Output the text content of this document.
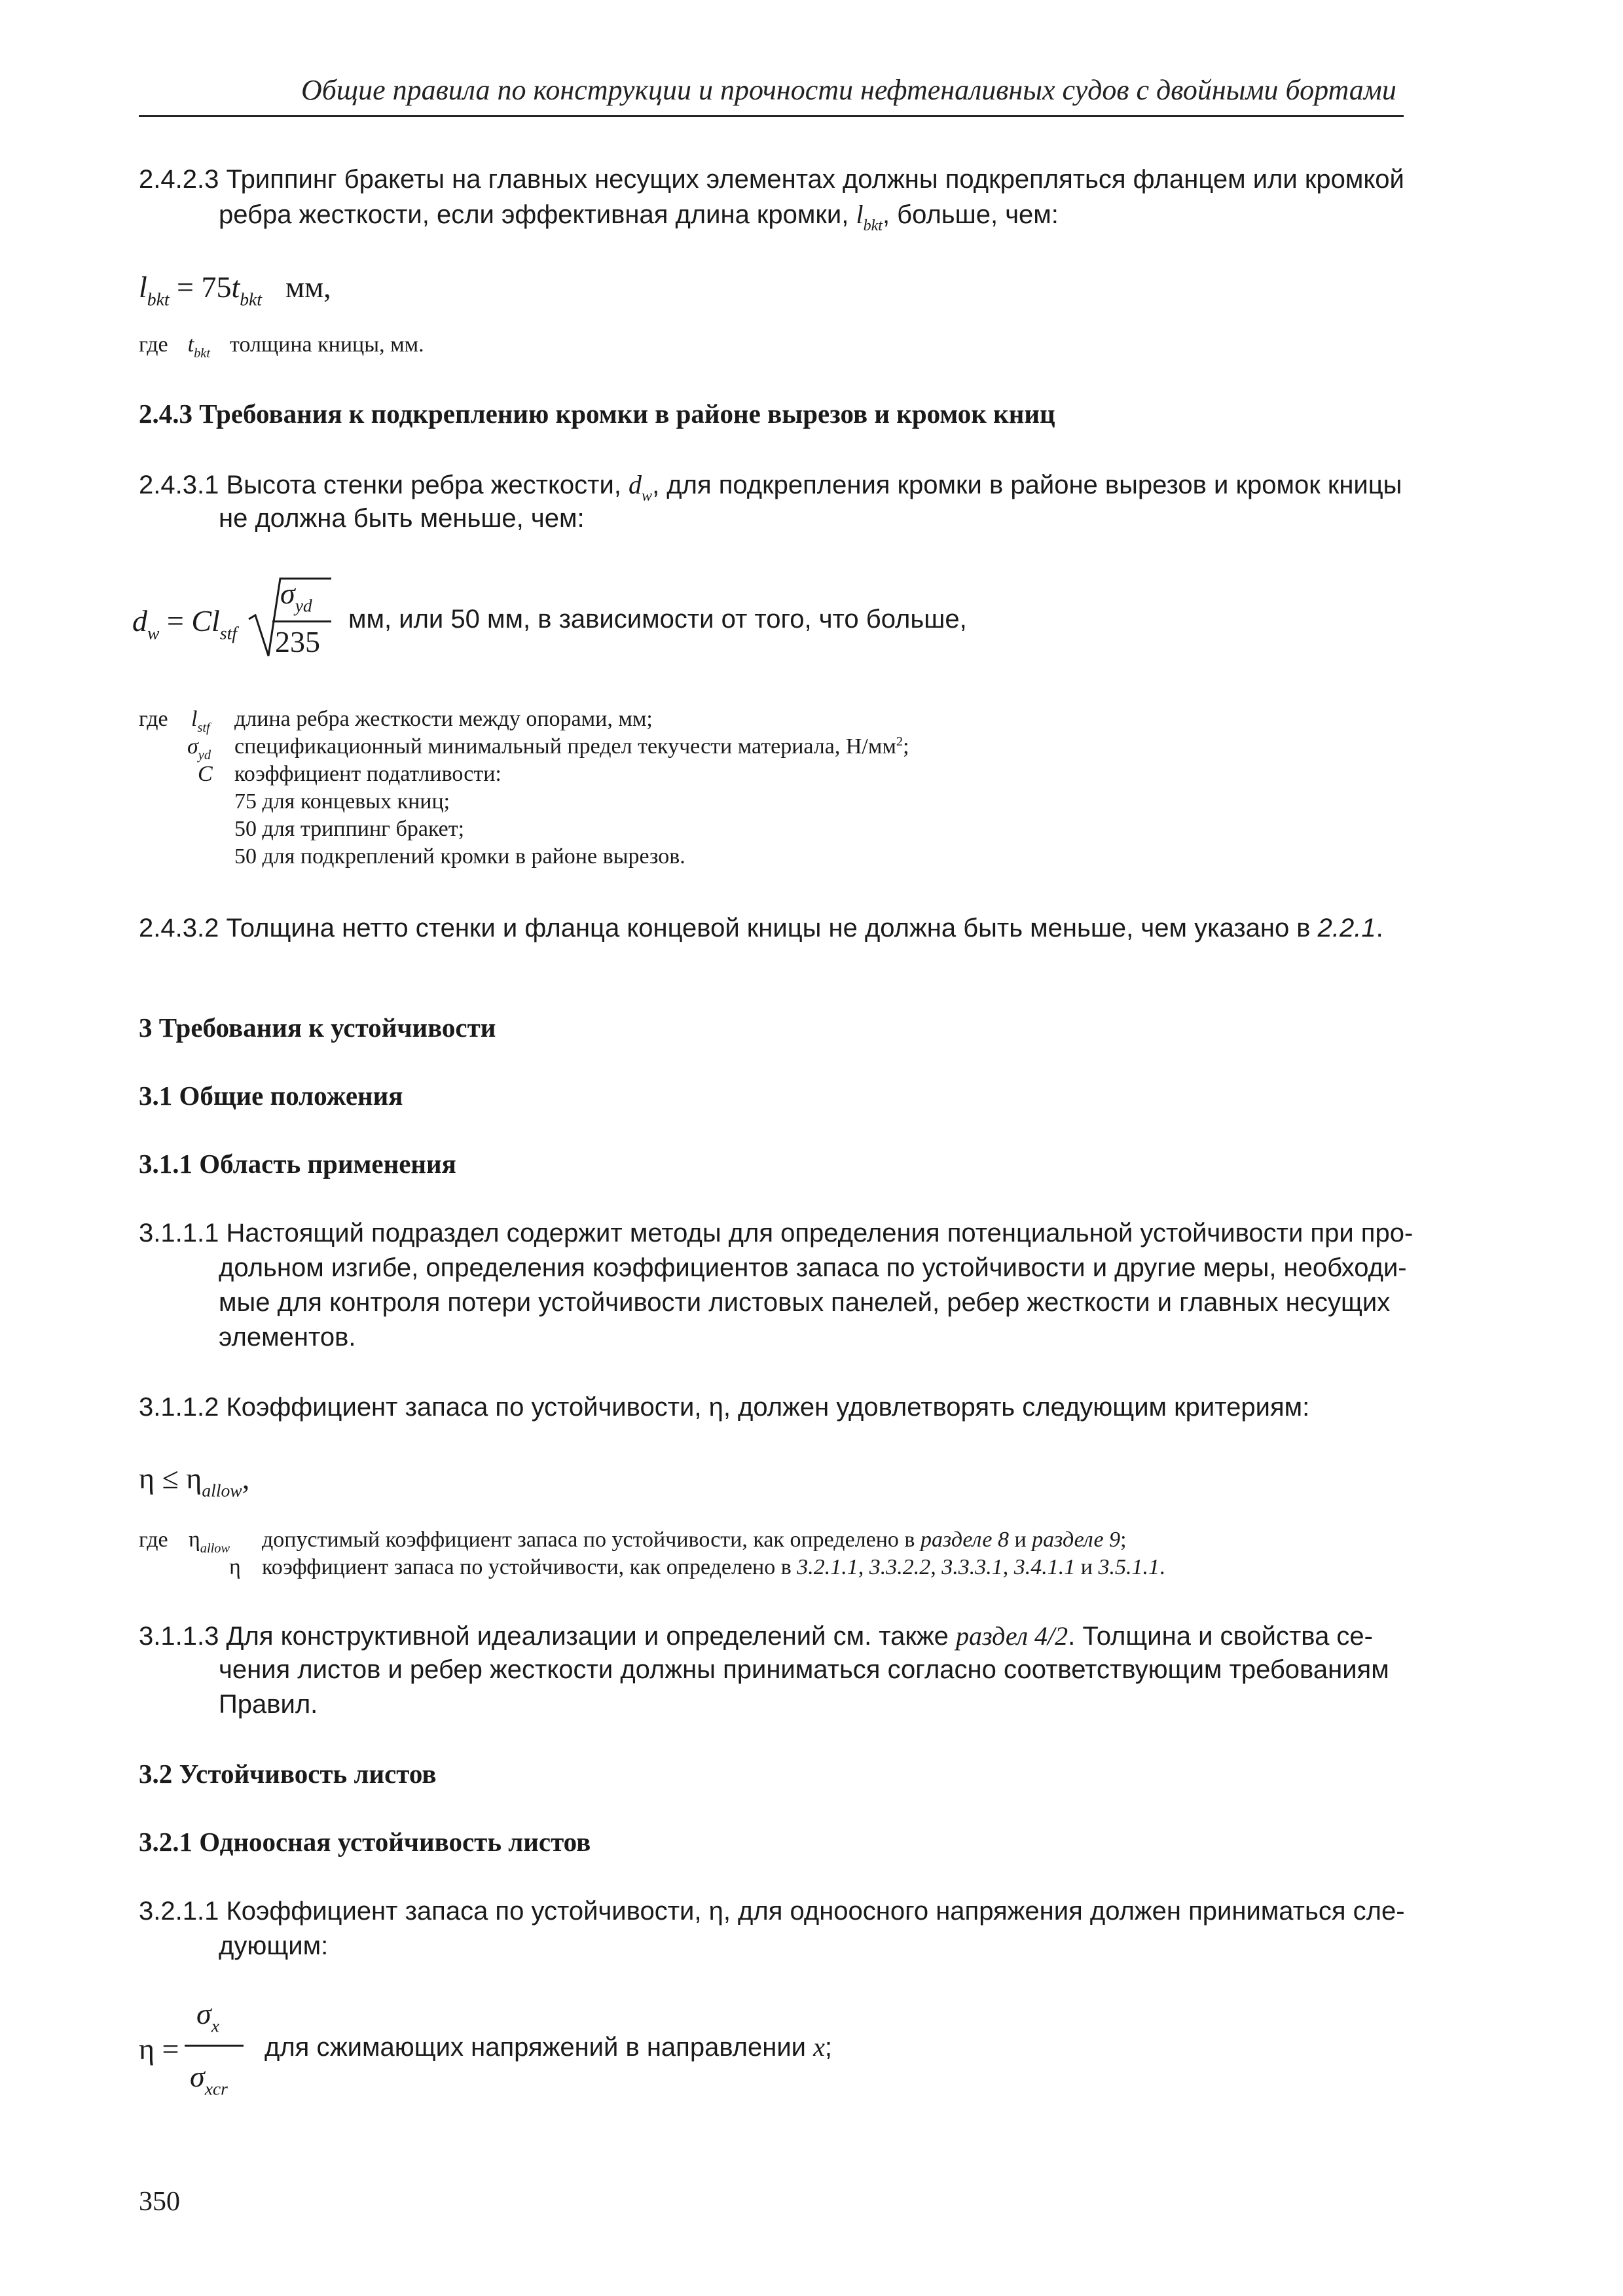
Общие правила по конструкции и прочности нефтеналивных судов с двойными бортами
2.4.2.3 Триппинг бракеты на главных несущих элементах должны подкрепляться фланцем или кромкой
ребра жесткости, если эффективная длина кромки, $l_{bkt}$, больше, чем:
$l_{bkt} = 75t_{bkt}$ мм,
где $t_{bkt}$ толщина кницы, мм.
2.4.3 Требования к подкреплению кромки в районе вырезов и кромок книц
2.4.3.1 Высота стенки ребра жесткости, $d_w$, для подкрепления кромки в районе вырезов и кромок кницы
не должна быть меньше, чем:
$d_w = Cl_{stf}$
$\sigma_{yd}$
235
мм, или 50 мм, в зависимости от того, что больше,
где $l_{stf}$ длина ребра жесткости между опорами, мм;
$\sigma_{yd}$ спецификационный минимальный предел текучести материала, $Н/мм^2$;
C коэффициент податливости:
75 для концевых книц;
50 для триппинг бракет;
50 для подкреплений кромки в районе вырезов.
2.4.3.2 Толщина нетто стенки и фланца концевой кницы не должна быть меньше, чем указано в 2.2.1.
3 Требования к устойчивости
3.1 Общие положения
3.1.1 Область применения
3.1.1.1 Настоящий подраздел содержит методы для определения потенциальной устойчивости при про-
дольном изгибе, определения коэффициентов запаса по устойчивости и другие меры, необходи-
мые для контроля потери устойчивости листовых панелей, ребер жесткости и главных несущих
элементов.
3.1.1.2 Коэффициент запаса по устойчивости, η, должен удовлетворять следующим критериям:
$\eta \le \eta_{allow}$,
где $\eta_{allow}$ допустимый коэффициент запаса по устойчивости, как определено в разделе 8 и разделе 9;
η коэффициент запаса по устойчивости, как определено в 3.2.1.1, 3.3.2.2, 3.3.3.1, 3.4.1.1 и 3.5.1.1.
3.1.1.3 Для конструктивной идеализации и определений см. также раздел 4/2. Толщина и свойства се-
чения листов и ребер жесткости должны приниматься согласно соответствующим требованиям
Правил.
3.2 Устойчивость листов
3.2.1 Одноосная устойчивость листов
3.2.1.1 Коэффициент запаса по устойчивости, η, для одноосного напряжения должен приниматься сле-
дующим:
η =
$\sigma_x$
$\sigma_{xcr}$
для сжимающих напряжений в направлении x;
350
